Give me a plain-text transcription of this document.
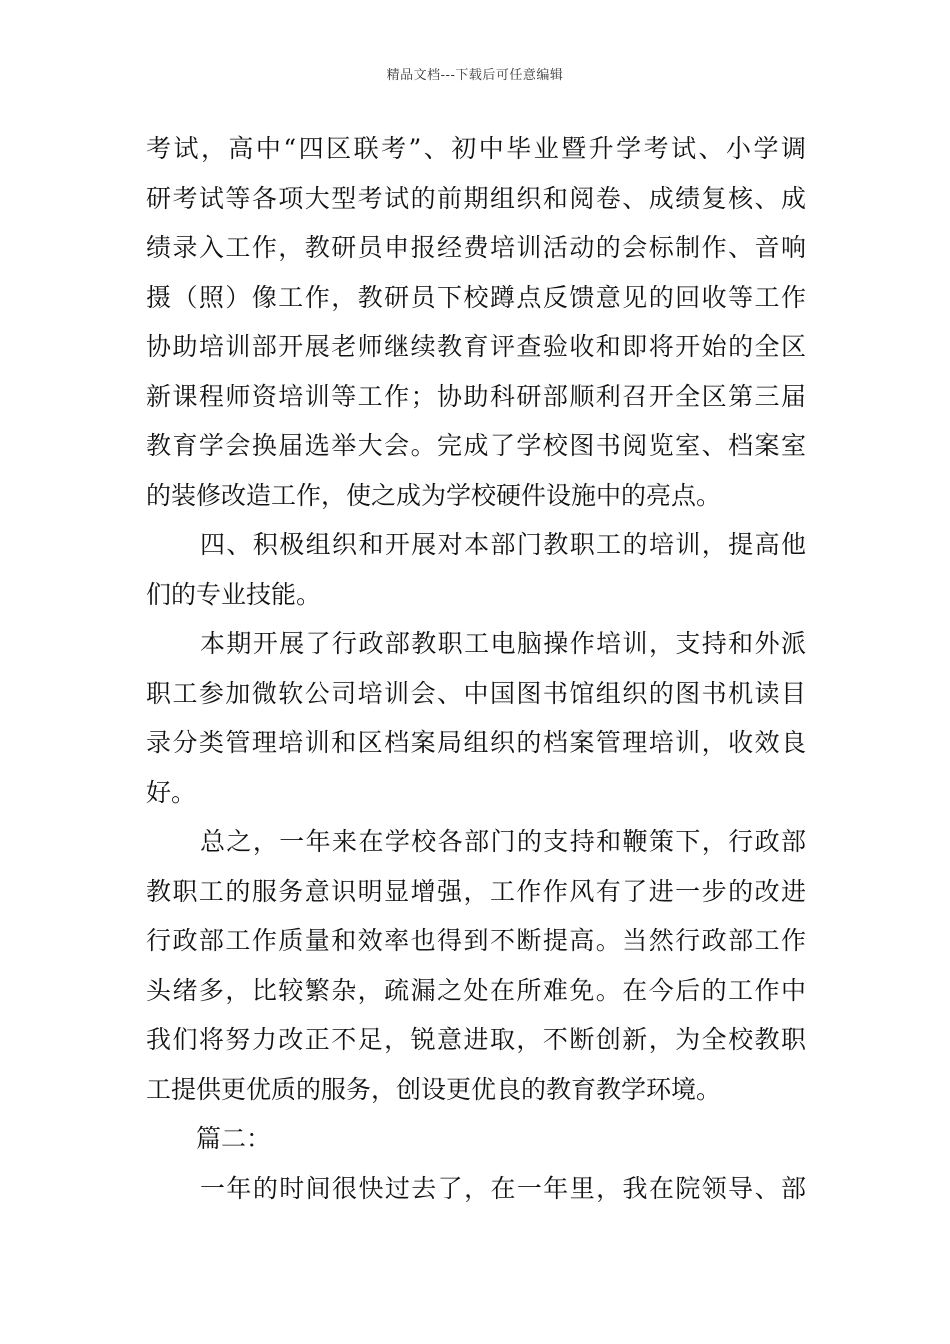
精品文档---下载后可任意编辑
考试，高中“四区联考”、初中毕业暨升学考试、小学调
研考试等各项大型考试的前期组织和阅卷、成绩复核、成
绩录入工作，教研员申报经费培训活动的会标制作、音响
摄（照）像工作，教研员下校蹲点反馈意见的回收等工作
协助培训部开展老师继续教育评查验收和即将开始的全区
新课程师资培训等工作；协助科研部顺利召开全区第三届
教育学会换届选举大会。完成了学校图书阅览室、档案室
的装修改造工作，使之成为学校硬件设施中的亮点。
四、积极组织和开展对本部门教职工的培训，提高他
们的专业技能。
本期开展了行政部教职工电脑操作培训，支持和外派
职工参加微软公司培训会、中国图书馆组织的图书机读目
录分类管理培训和区档案局组织的档案管理培训，收效良
好。
总之，一年来在学校各部门的支持和鞭策下，行政部
教职工的服务意识明显增强，工作作风有了进一步的改进
行政部工作质量和效率也得到不断提高。当然行政部工作
头绪多，比较繁杂，疏漏之处在所难免。在今后的工作中
我们将努力改正不足，锐意进取，不断创新，为全校教职
工提供更优质的服务，创设更优良的教育教学环境。
篇二：
一年的时间很快过去了，在一年里，我在院领导、部
